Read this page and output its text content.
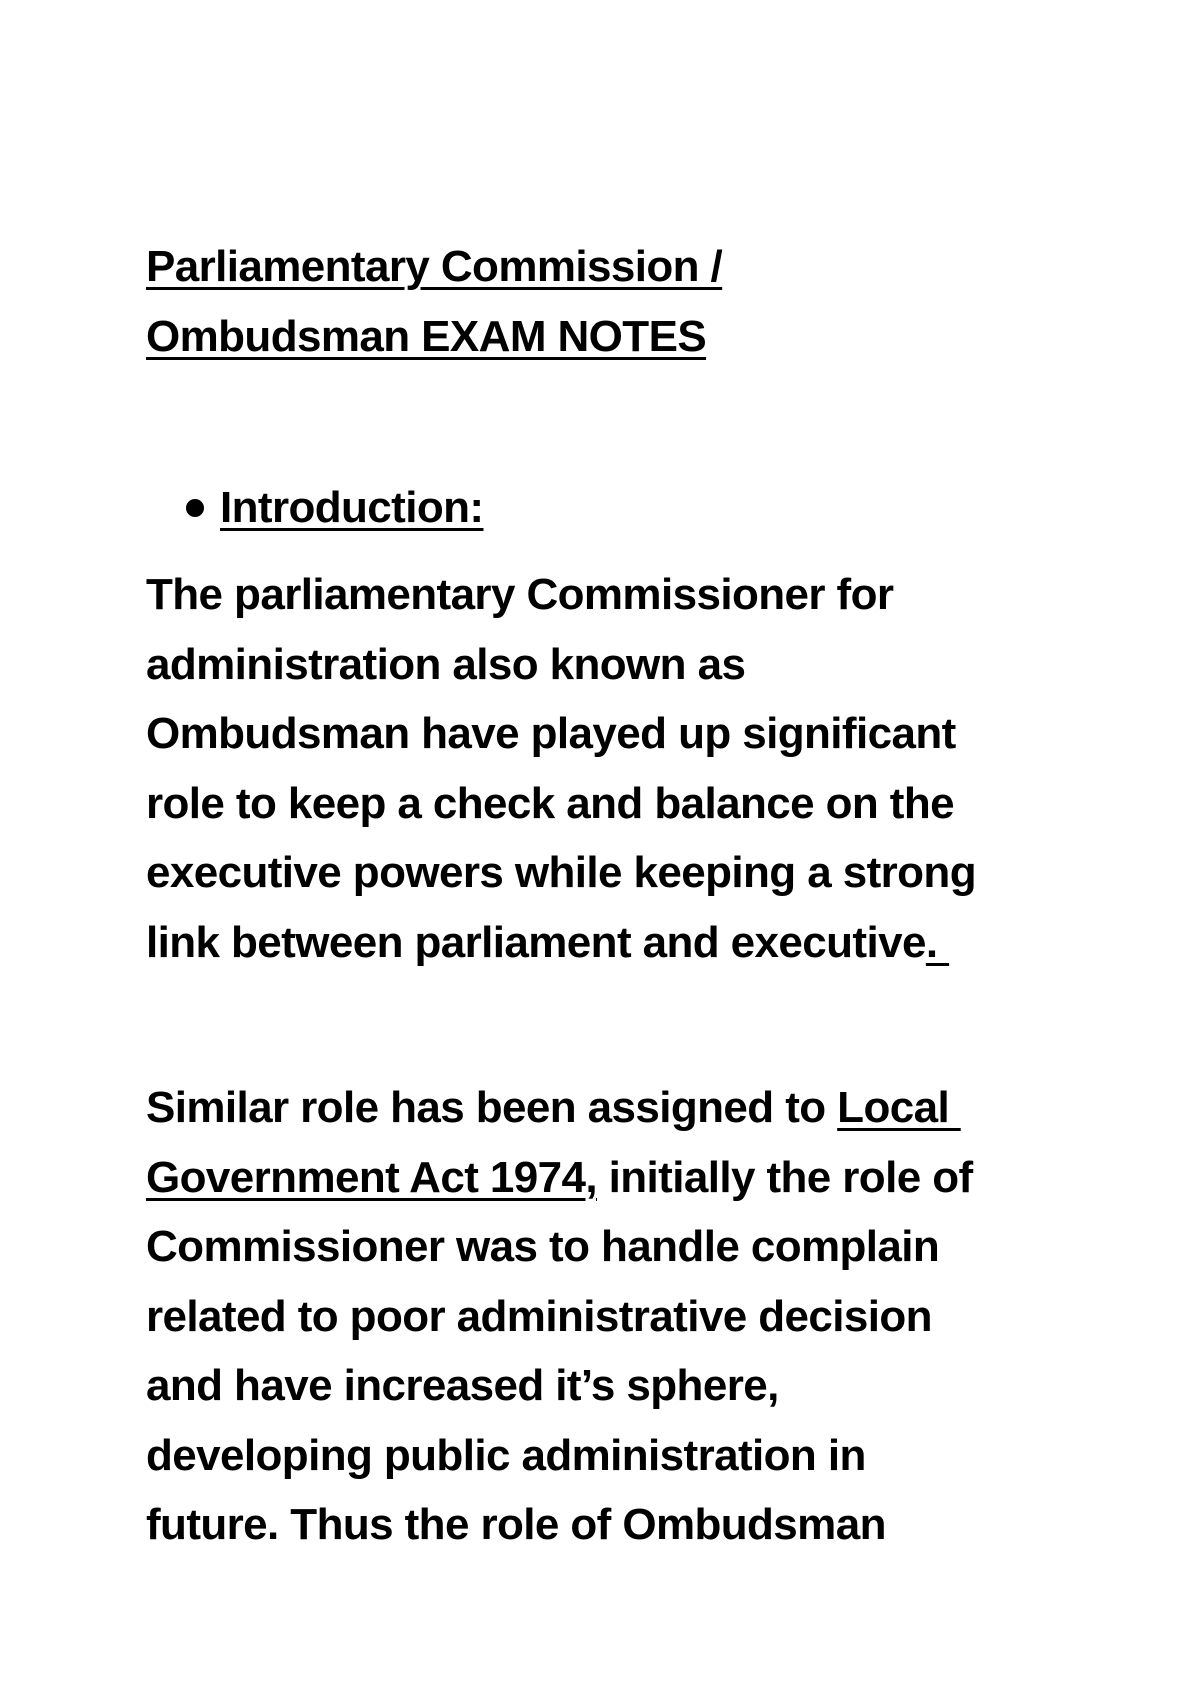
Parliamentary Commission /
Ombudsman EXAM NOTES
Introduction:
The parliamentary Commissioner for
administration also known as
Ombudsman have played up significant
role to keep a check and balance on the
executive powers while keeping a strong
link between parliament and executive.
Similar role has been assigned to Local
Government Act 1974, initially the role of
Commissioner was to handle complain
related to poor administrative decision
and have increased it’s sphere,
developing public administration in
future. Thus the role of Ombudsman
